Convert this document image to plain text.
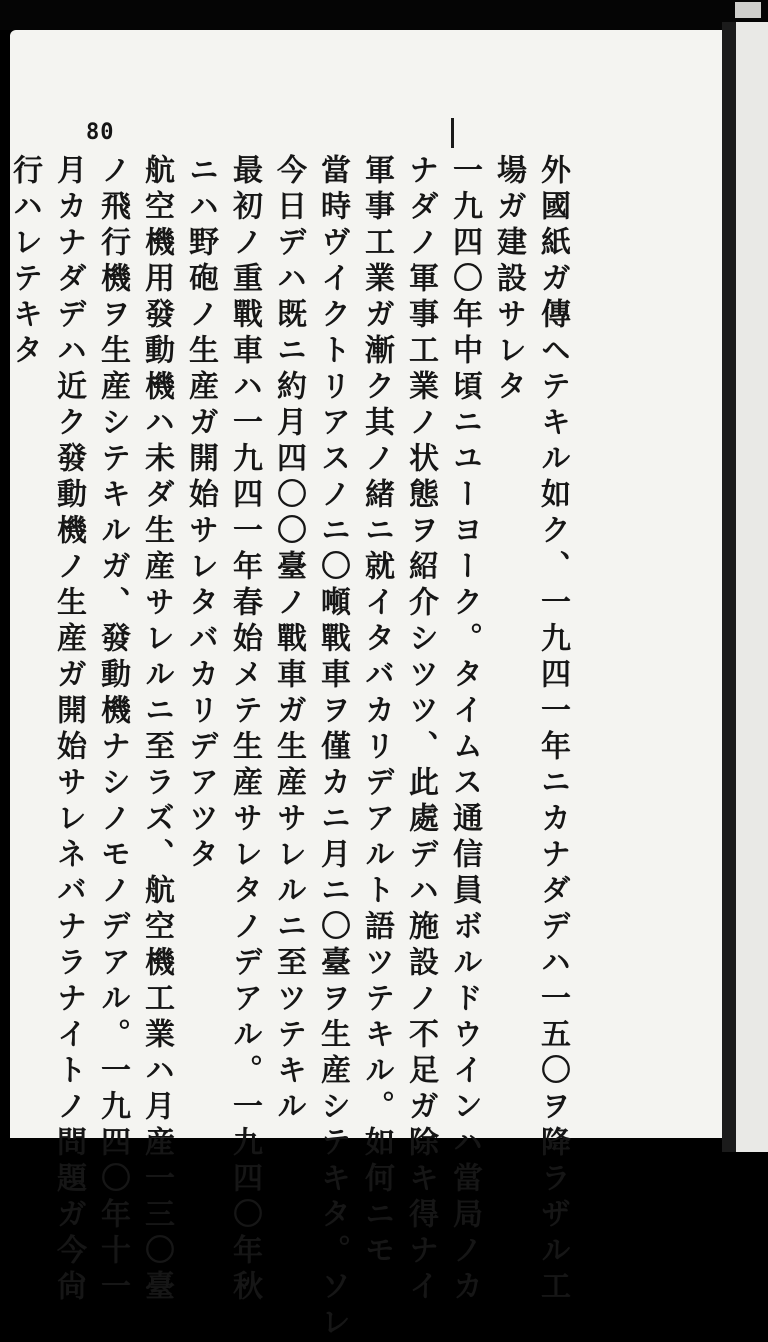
80
外國紙ガ傳ヘテキル如ク、一九四一年ニカナダデハ一五〇ヲ降ラザル工
場ガ建設サレタ
一九四〇年中頃ニユーヨーク。タイムス通信員ボルドウインハ當局ノカ
ナダノ軍事工業ノ状態ヲ紹介シツツ、此處デハ施設ノ不足ガ除キ得ナイ
軍事工業ガ漸ク其ノ緒ニ就イタバカリデアルト語ツテキル。如何ニモ
當時ヴイクトリアスノニ〇噸戰車ヲ僅カニ月ニ〇臺ヲ生産シテキタ。ソレ
今日デハ既ニ約月四〇〇臺ノ戰車ガ生産サレルニ至ツテキル
最初ノ重戰車ハ一九四一年春始メテ生産サレタノデアル。一九四〇年秋
ニハ野砲ノ生産ガ開始サレタバカリデアツタ
航空機用發動機ハ未ダ生産サレルニ至ラズ、航空機工業ハ月産一三〇臺
ノ飛行機ヲ生産シテキルガ、發動機ナシノモノデアル。一九四〇年十一
月カナダデハ近ク發動機ノ生産ガ開始サレネバナラナイトノ問題ガ今尙
行ハレテキタ
